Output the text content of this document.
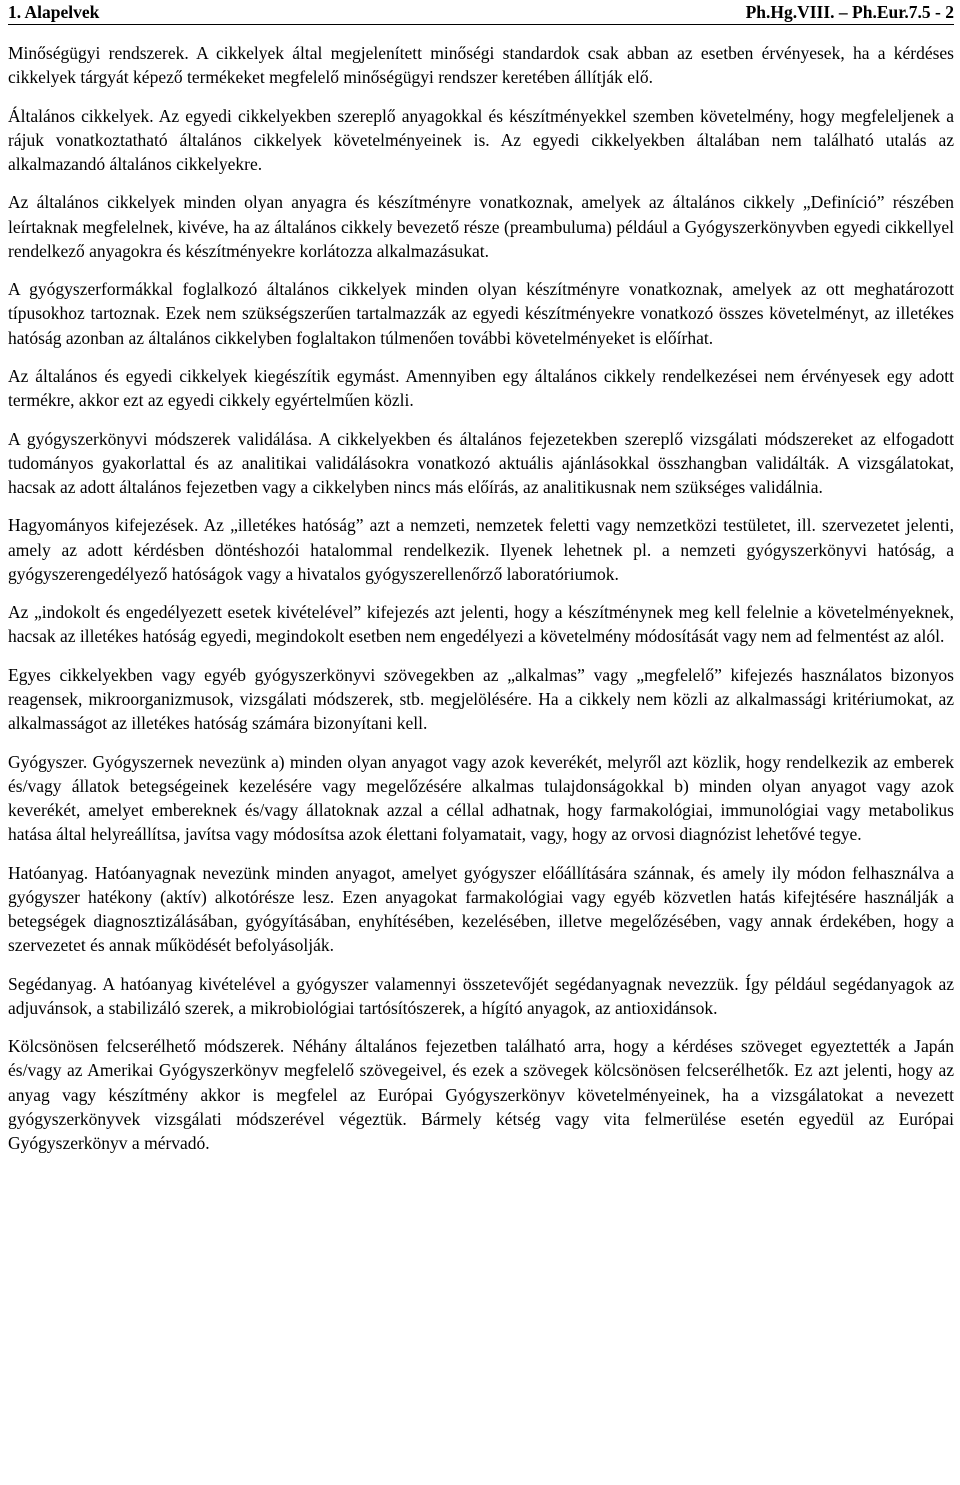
1. Alapelvek	Ph.Hg.VIII. – Ph.Eur.7.5 - 2

Minőségügyi rendszerek. A cikkelyek által megjelenített minőségi standardok csak abban az esetben érvényesek, ha a kérdéses cikkelyek tárgyát képező termékeket megfelelő minőségügyi rendszer keretében állítják elő.

Általános cikkelyek. Az egyedi cikkelyekben szereplő anyagokkal és készítményekkel szemben követelmény, hogy megfeleljenek a rájuk vonatkoztatható általános cikkelyek követelményeinek is. Az egyedi cikkelyekben általában nem található utalás az alkalmazandó általános cikkelyekre.

Az általános cikkelyek minden olyan anyagra és készítményre vonatkoznak, amelyek az általános cikkely „Definíció” részében leírtaknak megfelelnek, kivéve, ha az általános cikkely bevezető része (preambuluma) például a Gyógyszerkönyvben egyedi cikkellyel rendelkező anyagokra és készítményekre korlátozza alkalmazásukat.

A gyógyszerformákkal foglalkozó általános cikkelyek minden olyan készítményre vonatkoznak, amelyek az ott meghatározott típusokhoz tartoznak. Ezek nem szükségszerűen tartalmazzák az egyedi készítményekre vonatkozó összes követelményt, az illetékes hatóság azonban az általános cikkelyben foglaltakon túlmenően további követelményeket is előírhat.

Az általános és egyedi cikkelyek kiegészítik egymást. Amennyiben egy általános cikkely rendelkezései nem érvényesek egy adott termékre, akkor ezt az egyedi cikkely egyértelműen közli.

A gyógyszerkönyvi módszerek validálása. A cikkelyekben és általános fejezetekben szereplő vizsgálati módszereket az elfogadott tudományos gyakorlattal és az analitikai validálásokra vonatkozó aktuális ajánlásokkal összhangban validálták. A vizsgálatokat, hacsak az adott általános fejezetben vagy a cikkelyben nincs más előírás, az analitikusnak nem szükséges validálnia.

Hagyományos kifejezések. Az „illetékes hatóság” azt a nemzeti, nemzetek feletti vagy nemzetközi testületet, ill. szervezetet jelenti, amely az adott kérdésben döntéshozói hatalommal rendelkezik. Ilyenek lehetnek pl. a nemzeti gyógyszerkönyvi hatóság, a gyógyszerengedélyező hatóságok vagy a hivatalos gyógyszerellenőrző laboratóriumok.

Az „indokolt és engedélyezett esetek kivételével” kifejezés azt jelenti, hogy a készítménynek meg kell felelnie a követelményeknek, hacsak az illetékes hatóság egyedi, megindokolt esetben nem engedélyezi a követelmény módosítását vagy nem ad felmentést az alól.

Egyes cikkelyekben vagy egyéb gyógyszerkönyvi szövegekben az „alkalmas” vagy „megfelelő” kifejezés használatos bizonyos reagensek, mikroorganizmusok, vizsgálati módszerek, stb. megjelölésére. Ha a cikkely nem közli az alkalmassági kritériumokat, az alkalmasságot az illetékes hatóság számára bizonyítani kell.

Gyógyszer. Gyógyszernek nevezünk a) minden olyan anyagot vagy azok keverékét, melyről azt közlik, hogy rendelkezik az emberek és/vagy állatok betegségeinek kezelésére vagy megelőzésére alkalmas tulajdonságokkal b) minden olyan anyagot vagy azok keverékét, amelyet embereknek és/vagy állatoknak azzal a céllal adhatnak, hogy farmakológiai, immunológiai vagy metabolikus hatása által helyreállítsa, javítsa vagy módosítsa azok élettani folyamatait, vagy, hogy az orvosi diagnózist lehetővé tegye.

Hatóanyag. Hatóanyagnak nevezünk minden anyagot, amelyet gyógyszer előállítására szánnak, és amely ily módon felhasználva a gyógyszer hatékony (aktív) alkotórésze lesz. Ezen anyagokat farmakológiai vagy egyéb közvetlen hatás kifejtésére használják a betegségek diagnosztizálásában, gyógyításában, enyhítésében, kezelésében, illetve megelőzésében, vagy annak érdekében, hogy a szervezetet és annak működését befolyásolják.

Segédanyag. A hatóanyag kivételével a gyógyszer valamennyi összetevőjét segédanyagnak nevezzük. Így például segédanyagok az adjuvánsok, a stabilizáló szerek, a mikrobiológiai tartósítószerek, a hígító anyagok, az antioxidánsok.

Kölcsönösen felcserélhető módszerek. Néhány általános fejezetben található arra, hogy a kérdéses szöveget egyeztették a Japán és/vagy az Amerikai Gyógyszerkönyv megfelelő szövegeivel, és ezek a szövegek kölcsönösen felcserélhetők. Ez azt jelenti, hogy az anyag vagy készítmény akkor is megfelel az Európai Gyógyszerkönyv követelményeinek, ha a vizsgálatokat a nevezett gyógyszerkönyvek vizsgálati módszerével végeztük. Bármely kétség vagy vita felmerülése esetén egyedül az Európai Gyógyszerkönyv a mérvadó.
